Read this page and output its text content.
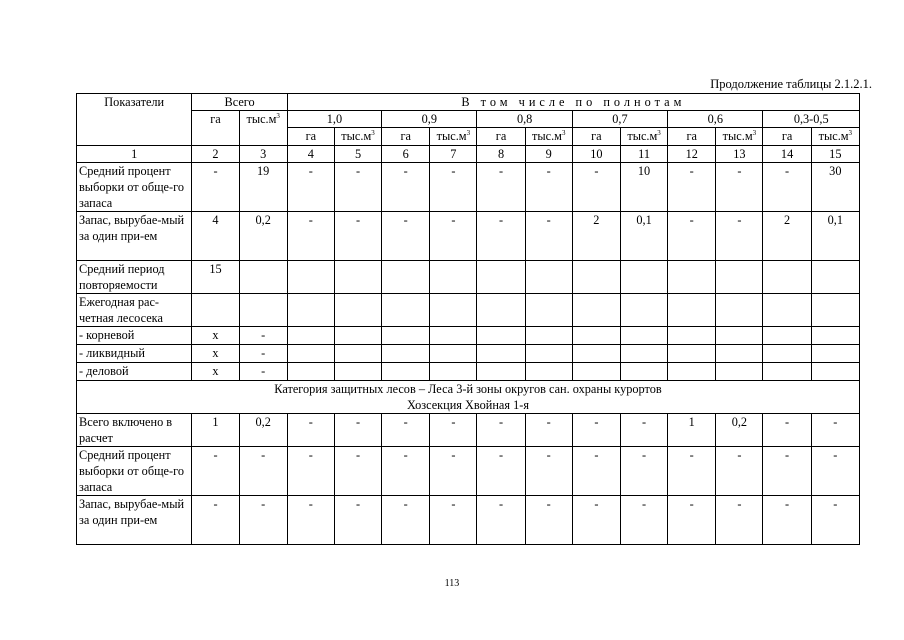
Продолжение таблицы 2.1.2.1.
Показатели	Всего		В том числе по полнотам											
	га	$тыс.м^3$	1,0		0,9		0,8		0,7		0,6		0,3-0,5	
			га	$тыс.м^3$	га	$тыс.м^3$	га	$тыс.м^3$	га	$тыс.м^3$	га	$тыс.м^3$	га	$тыс.м^3$
1	2	3	4	5	6	7	8	9	10	11	12	13	14	15
Средний процент выборки от обще-го запаса	-	19	-	-	-	-	-	-	-	10	-	-	-	30
Запас, вырубае-мый за один при-ем	4	0,2	-	-	-	-	-	-	2	0,1	-	-	2	0,1
Средний период повторяемости	15													
Ежегодная рас-четная лесосека														
- корневой	х	-												
- ликвидный	х	-												
- деловой	х	-												

Категория защитных лесов – Леса 3-й зоны округов сан. охраны курортов
Хозсекция Хвойная 1-я														

Всего включено в расчет	1	0,2	-	-	-	-	-	-	-	-	1	0,2	-	-
Средний процент выборки от обще-го запаса	-	-	-	-	-	-	-	-	-	-	-	-	-	-
Запас, вырубае-мый за один при-ем	-	-	-	-	-	-	-	-	-	-	-	-	-	-
113
